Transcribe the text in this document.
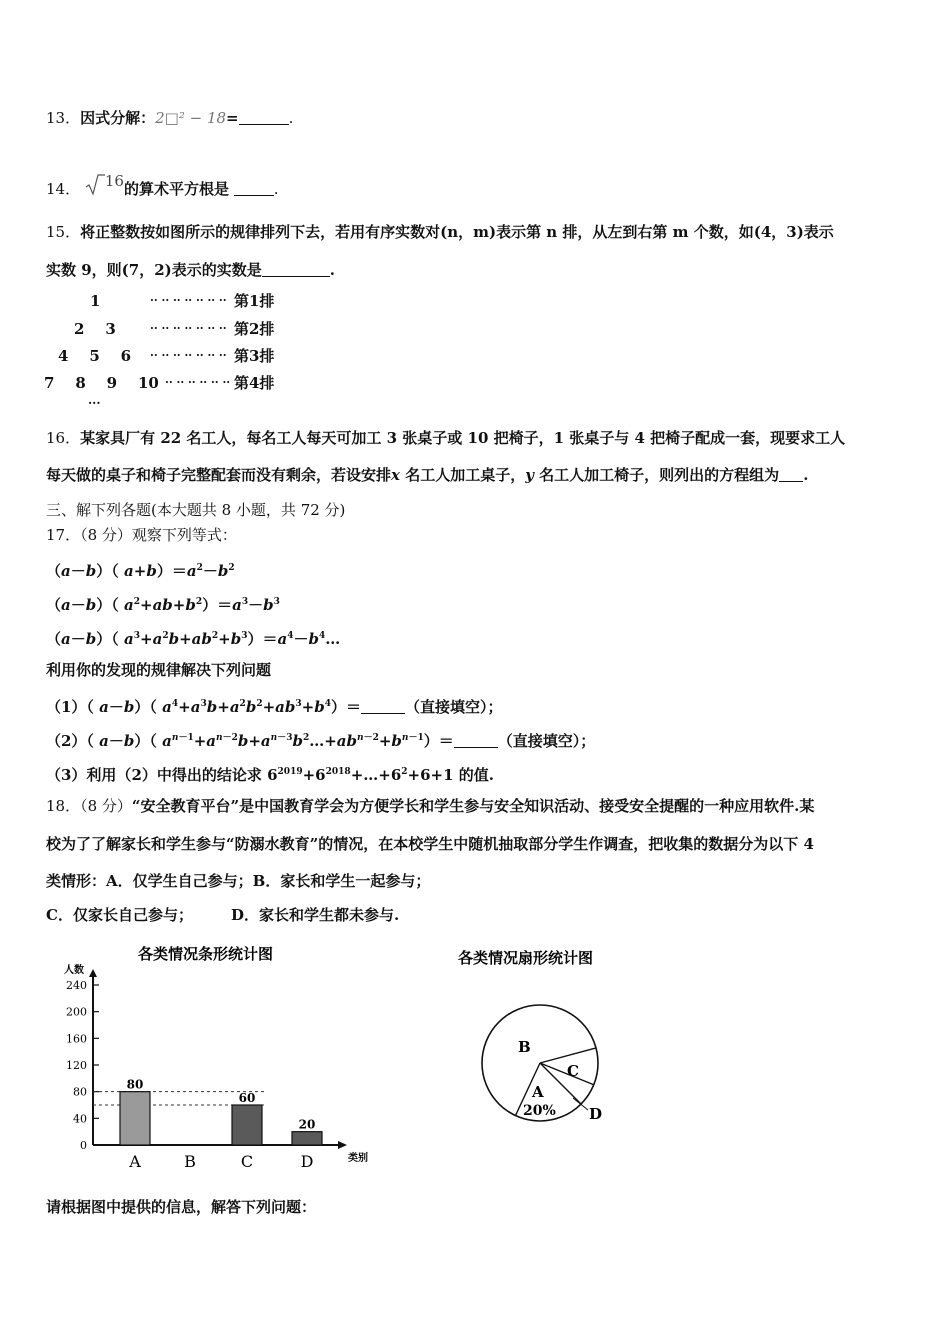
13．因式分解：2□² − 18=	.
14． 16的算术平方根是	.
15．将正整数按如图所示的规律排列下去，若用有序实数对(n，m)表示第 n 排，从左到右第 m 个数，如(4，3)表示
实数 9，则(7，2)表示的实数是	.
1
2    3
4    5    6
7    8    9    10
·· ·· ·· ·· ·· ·· ··
·· ·· ·· ·· ·· ·· ··
·· ·· ·· ·· ·· ·· ··
·· ·· ·· ·· ·· ··
第1排
第2排
第3排
第4排
···
16．某家具厂有 22 名工人，每名工人每天可加工 3 张桌子或 10 把椅子，1 张桌子与 4 把椅子配成一套，现要求工人
每天做的桌子和椅子完整配套而没有剩余，若设安排x 名工人加工桌子，y 名工人加工椅子，则列出的方程组为 .
三、解下列各题(本大题共 8 小题，共 72 分)
17．（8 分）观察下列等式：
（a－b）（ $a+b)=a^2-b^2$
（a－b）（ $a^2+ab+b^2)=a^3-b^3$
（a－b）（ $a^3+a^2b+ab^2+b^3)=a^4-b^4\dots$
利用你的发现的规律解决下列问题
（1）（ a－b）（ $a^4+a^3b+a^2b^2+ab^3+b^4)=$	（直接填空）；
（2）（ a－b）（ $a^{n-1}+a^{n-2}b+a^{n-3}b^2\dots+ab^{n-2}+b^{n-1})=$	（直接填空）；
（3）利用（2）中得出的结论求 $6^{2019}+6^{2018}+\dots+6^2+6+1$ 的值.
18．（8 分）“安全教育平台”是中国教育学会为方便学长和学生参与安全知识活动、接受安全提醒的一种应用软件.某
校为了了解家长和学生参与“防溺水教育”的情况，在本校学生中随机抽取部分学生作调查，把收集的数据分为以下 4
类情形：A．仅学生自己参与；B．家长和学生一起参与；
C．仅家长自己参与；	D．家长和学生都未参与.
各类情况条形统计图
人数
类别
0
40
80
120
160
200
240
80
A	B
60
C
20
D
各类情况扇形统计图
B
C
A
20% D
请根据图中提供的信息，解答下列问题：
